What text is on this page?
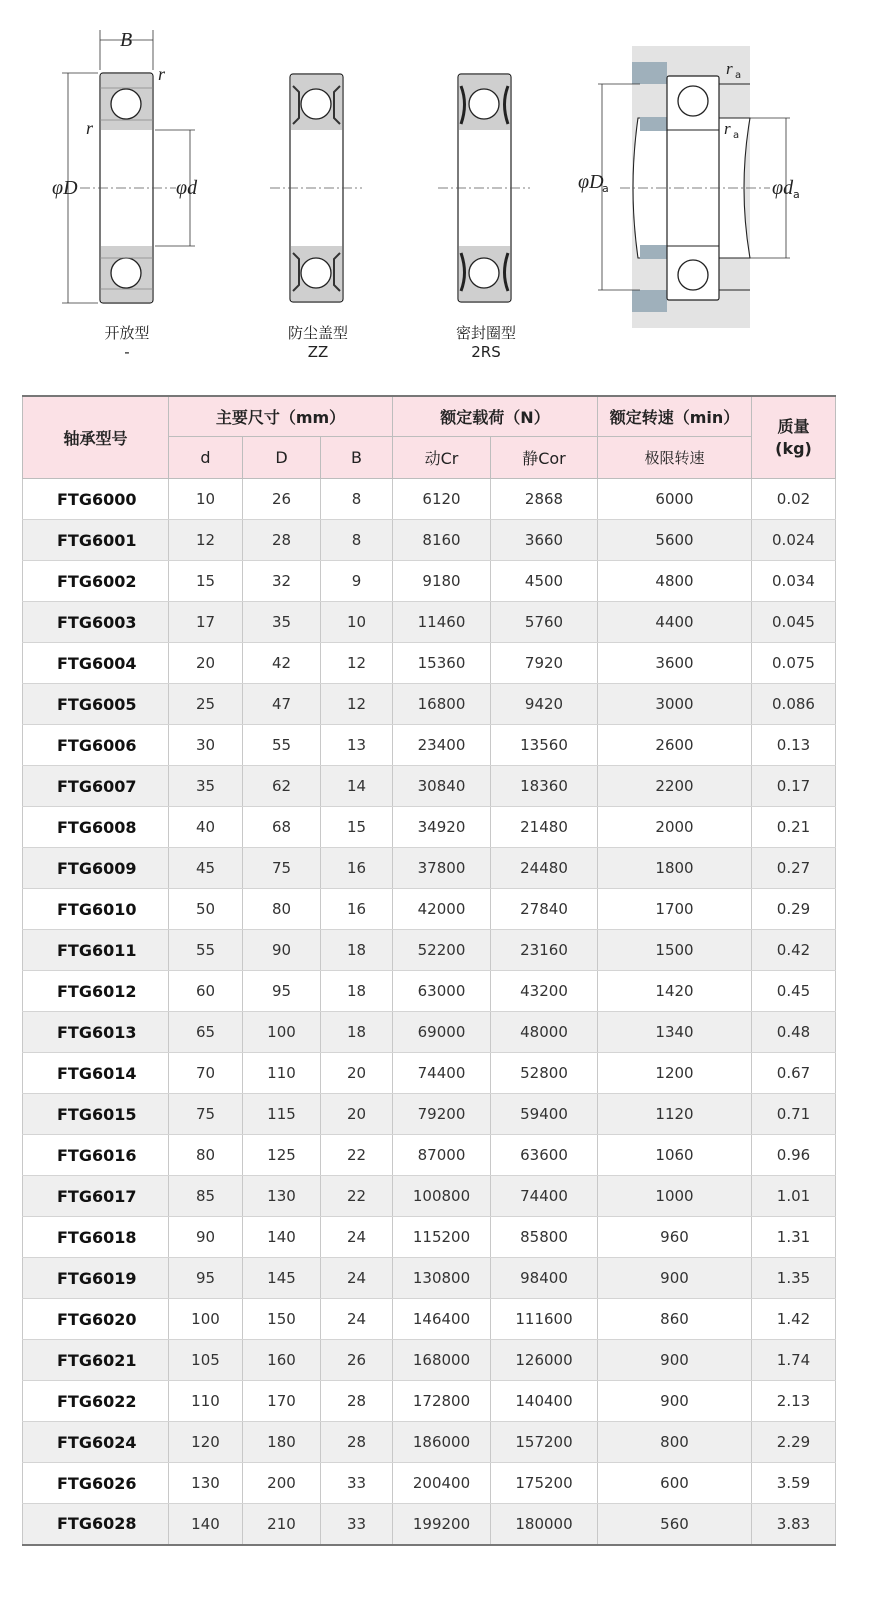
B
r
r
φD	φd
r a
r a
φD
a	φd a
开放型
-
防尘盖型
ZZ
密封圈型
2RS
轴承型号	主要尺寸（mm）			额定载荷（N）		额定转速（min）	质量
(kg)
	d	D	B	动Cr	静Cor	极限转速	
FTG6000	10	26	8	6120	2868	6000	0.02
FTG6001	12	28	8	8160	3660	5600	0.024
FTG6002	15	32	9	9180	4500	4800	0.034
FTG6003	17	35	10	11460	5760	4400	0.045
FTG6004	20	42	12	15360	7920	3600	0.075
FTG6005	25	47	12	16800	9420	3000	0.086
FTG6006	30	55	13	23400	13560	2600	0.13
FTG6007	35	62	14	30840	18360	2200	0.17
FTG6008	40	68	15	34920	21480	2000	0.21
FTG6009	45	75	16	37800	24480	1800	0.27
FTG6010	50	80	16	42000	27840	1700	0.29
FTG6011	55	90	18	52200	23160	1500	0.42
FTG6012	60	95	18	63000	43200	1420	0.45
FTG6013	65	100	18	69000	48000	1340	0.48
FTG6014	70	110	20	74400	52800	1200	0.67
FTG6015	75	115	20	79200	59400	1120	0.71
FTG6016	80	125	22	87000	63600	1060	0.96
FTG6017	85	130	22	100800	74400	1000	1.01
FTG6018	90	140	24	115200	85800	960	1.31
FTG6019	95	145	24	130800	98400	900	1.35
FTG6020	100	150	24	146400	111600	860	1.42
FTG6021	105	160	26	168000	126000	900	1.74
FTG6022	110	170	28	172800	140400	900	2.13
FTG6024	120	180	28	186000	157200	800	2.29
FTG6026	130	200	33	200400	175200	600	3.59
FTG6028	140	210	33	199200	180000	560	3.83
